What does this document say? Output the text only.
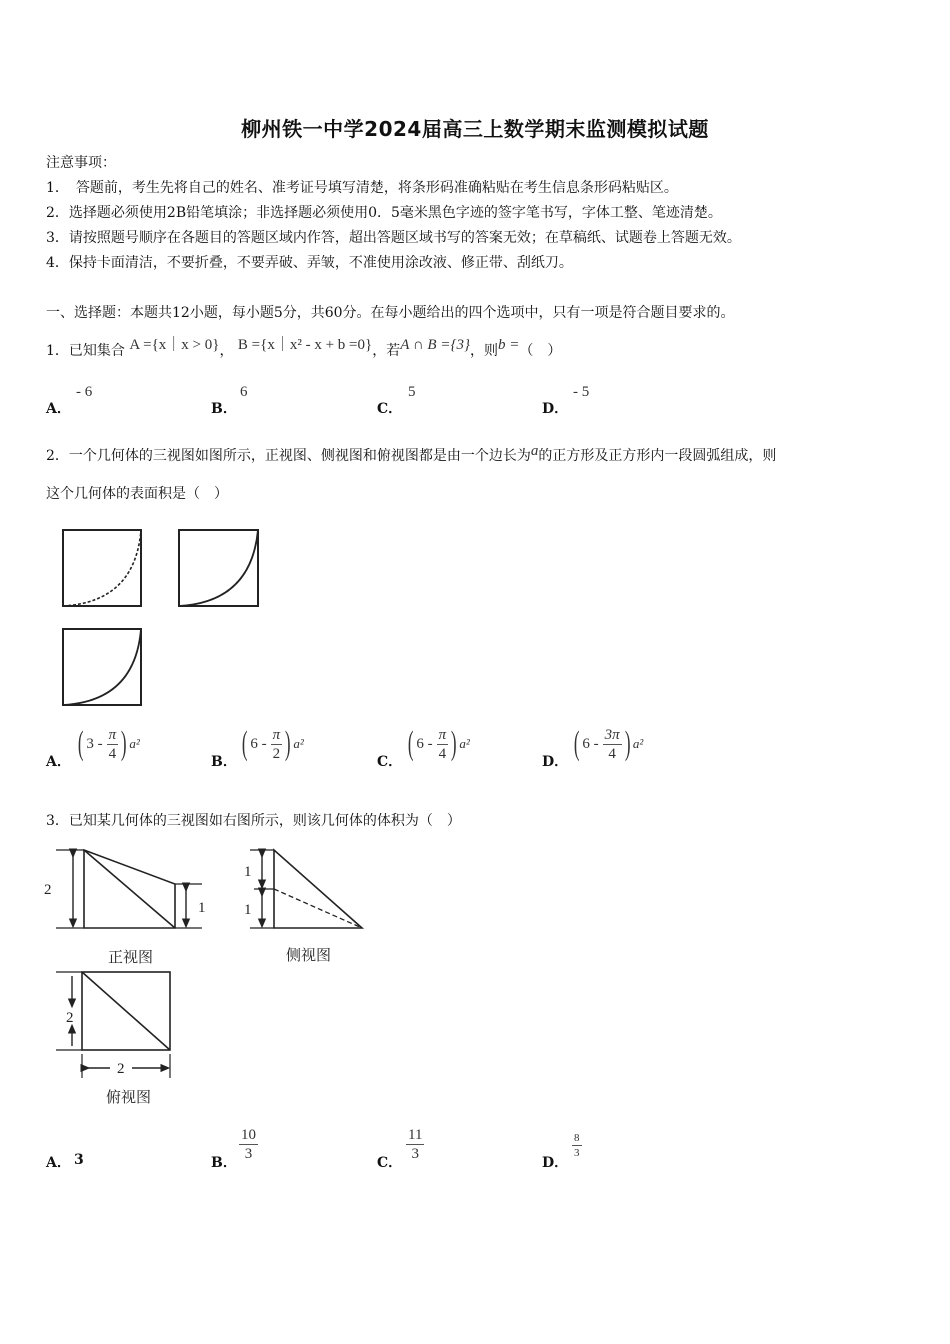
柳州铁一中学2024届高三上数学期末监测模拟试题
注意事项：
1．　答题前，考生先将自己的姓名、准考证号填写清楚，将条形码准确粘贴在考生信息条形码粘贴区。
2．选择题必须使用2B铅笔填涂；非选择题必须使用0．5毫米黑色字迹的签字笔书写，字体工整、笔迹清楚。
3．请按照题号顺序在各题目的答题区域内作答，超出答题区域书写的答案无效；在草稿纸、试题卷上答题无效。
4．保持卡面清洁，不要折叠，不要弄破、弄皱，不准使用涂改液、修正带、刮纸刀。
一、选择题：本题共12小题，每小题5分，共60分。在每小题给出的四个选项中，只有一项是符合题目要求的。
1．已知集合 A ={x｜x > 0}， B ={x｜x² - x + b =0}，若A ∩ B ={3}，则b =（　）
A．
- 6
B．
6
C．
5
D．
- 5
2．一个几何体的三视图如图所示，正视图、侧视图和俯视图都是由一个边长为a的正方形及正方形内一段圆弧组成，则
这个几何体的表面积是（　）
A． ( $3 - \frac{\pi}{4}$ ) a²
B． ( $6 - \frac{\pi}{2}$ ) a²
C． ( $6 - \frac{\pi}{4}$ ) a²
D． ( $6 - \frac{3\pi}{4}$ ) a²
3．已知某几何体的三视图如右图所示，则该几何体的体积为（　）
2
1
正视图
1
1
侧视图
2
2
俯视图
A． 3	B． $\frac{10}{3}$	C． $\frac{11}{3}$	D．
$\frac{8}{3}$
